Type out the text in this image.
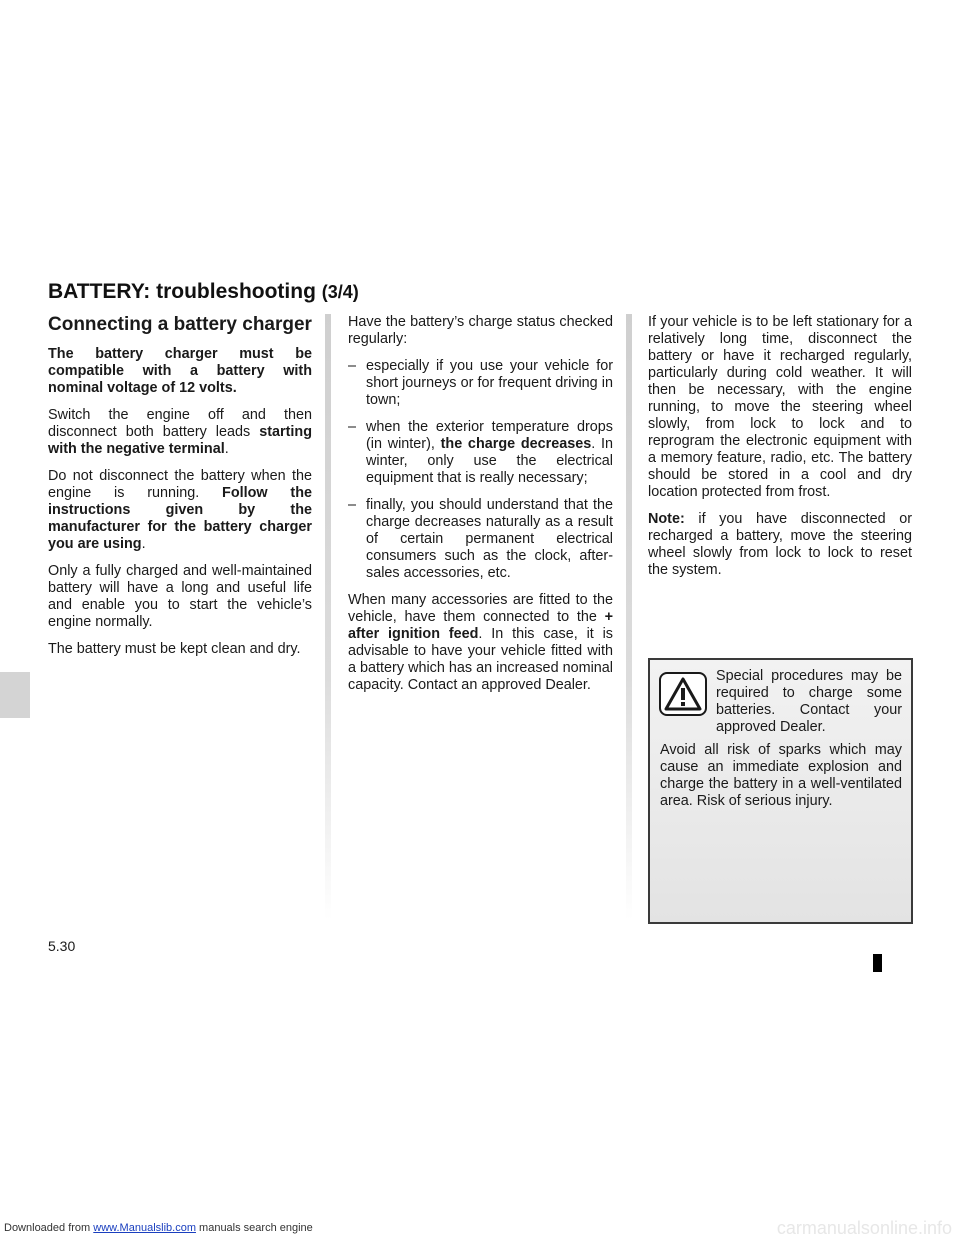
BATTERY: troubleshooting (3/4)
Connecting a battery charger

The battery charger must be compatible with a battery with nominal voltage of 12 volts.

Switch the engine off and then disconnect both battery leads starting with the negative terminal.

Do not disconnect the battery when the engine is running. Follow the instructions given by the manufacturer for the battery charger you are using.

Only a fully charged and well-maintained battery will have a long and useful life and enable you to start the vehicle’s engine normally.

The battery must be kept clean and dry.

Have the battery’s charge status checked regularly:

– especially if you use your vehicle for short journeys or for frequent driving in town;
– when the exterior temperature drops (in winter), the charge decreases. In winter, only use the electrical equipment that is really necessary;
– finally, you should understand that the charge decreases naturally as a result of certain permanent electrical consumers such as the clock, after-sales accessories, etc.

When many accessories are fitted to the vehicle, have them connected to the + after ignition feed. In this case, it is advisable to have your vehicle fitted with a battery which has an increased nominal capacity. Contact an approved Dealer.

If your vehicle is to be left stationary for a relatively long time, disconnect the battery or have it recharged regularly, particularly during cold weather. It will then be necessary, with the engine running, to move the steering wheel slowly, from lock to lock and to reprogram the electronic equipment with a memory feature, radio, etc. The battery should be stored in a cool and dry location protected from frost.

Note: if you have disconnected or recharged a battery, move the steering wheel slowly from lock to lock to reset the system.

Special procedures may be required to charge some batteries. Contact your approved Dealer.

Avoid all risk of sparks which may cause an immediate explosion and charge the battery in a well-ventilated area. Risk of serious injury.

5.30
Downloaded from www.Manualslib.com manuals search engine	carmanualsonline.info
